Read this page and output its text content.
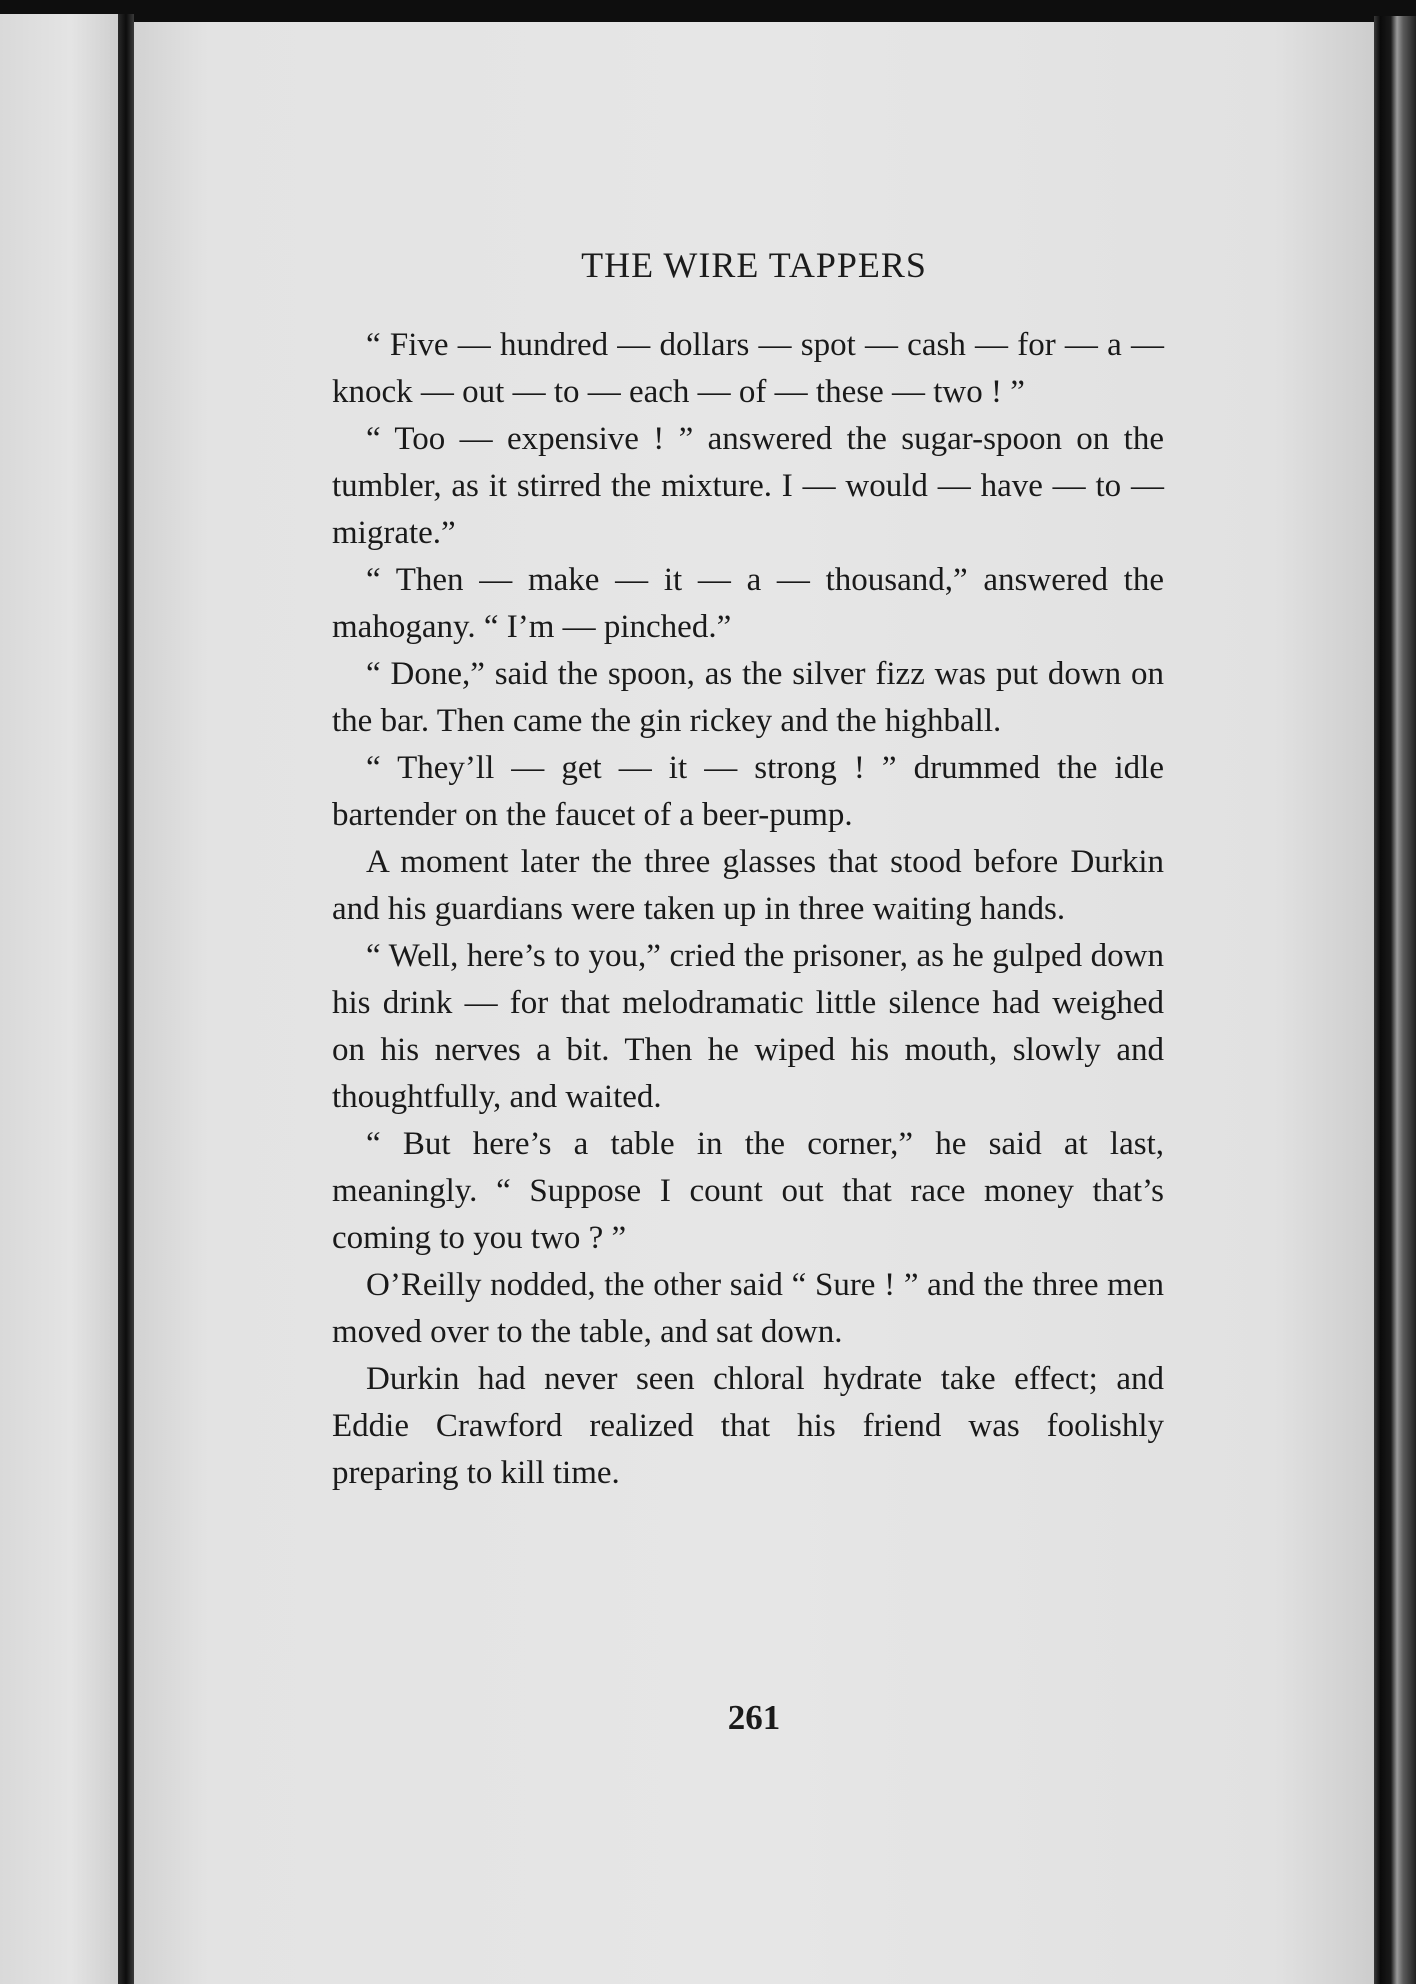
THE WIRE TAPPERS

“ Five — hundred — dollars — spot — cash — for — a — knock — out — to — each — of — these — two ! ”

“ Too — expensive ! ” answered the sugar-spoon on the tumbler, as it stirred the mixture. I — would — have — to — migrate.”

“ Then — make — it — a — thousand,” answered the mahogany. “ I’m — pinched.”

“ Done,” said the spoon, as the silver fizz was put down on the bar. Then came the gin rickey and the highball.

“ They’ll — get — it — strong ! ” drummed the idle bartender on the faucet of a beer-pump.

A moment later the three glasses that stood before Durkin and his guardians were taken up in three waiting hands.

“ Well, here’s to you,” cried the prisoner, as he gulped down his drink — for that melodramatic little silence had weighed on his nerves a bit. Then he wiped his mouth, slowly and thoughtfully, and waited.

“ But here’s a table in the corner,” he said at last, meaningly. “ Suppose I count out that race money that’s coming to you two ? ”

O’Reilly nodded, the other said “ Sure ! ” and the three men moved over to the table, and sat down.

Durkin had never seen chloral hydrate take effect; and Eddie Crawford realized that his friend was foolishly preparing to kill time.

261
